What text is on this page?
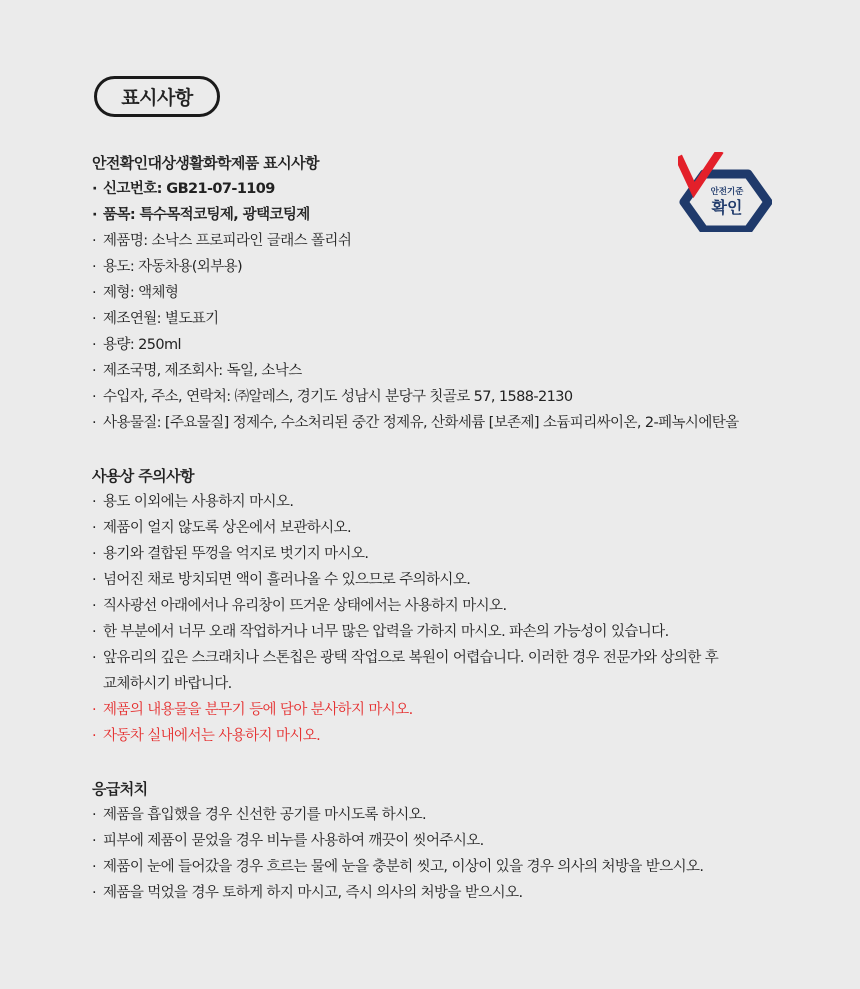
표시사항
안전기준
확인
안전확인대상생활화학제품 표시사항
· 신고번호: GB21-07-1109
· 품목: 특수목적코팅제, 광택코팅제
· 제품명: 소낙스 프로피라인 글래스 폴리쉬
· 용도: 자동차용(외부용)
· 제형: 액체형
· 제조연월: 별도표기
· 용량: 250ml
· 제조국명, 제조회사: 독일, 소낙스
· 수입자, 주소, 연락처: ㈜알레스, 경기도 성남시 분당구 칫골로 57, 1588-2130
· 사용물질: [주요물질] 정제수, 수소처리된 중간 정제유, 산화세륨 [보존제] 소듐피리싸이온, 2-페녹시에탄올
사용상 주의사항
· 용도 이외에는 사용하지 마시오.
· 제품이 얼지 않도록 상온에서 보관하시오.
· 용기와 결합된 뚜껑을 억지로 벗기지 마시오.
· 넘어진 채로 방치되면 액이 흘러나올 수 있으므로 주의하시오.
· 직사광선 아래에서나 유리창이 뜨거운 상태에서는 사용하지 마시오.
· 한 부분에서 너무 오래 작업하거나 너무 많은 압력을 가하지 마시오. 파손의 가능성이 있습니다.
· 앞유리의 깊은 스크래치나 스톤칩은 광택 작업으로 복원이 어렵습니다. 이러한 경우 전문가와 상의한 후
교체하시기 바랍니다.
· 제품의 내용물을 분무기 등에 담아 분사하지 마시오.
· 자동차 실내에서는 사용하지 마시오.
응급처치
· 제품을 흡입했을 경우 신선한 공기를 마시도록 하시오.
· 피부에 제품이 묻었을 경우 비누를 사용하여 깨끗이 씻어주시오.
· 제품이 눈에 들어갔을 경우 흐르는 물에 눈을 충분히 씻고, 이상이 있을 경우 의사의 처방을 받으시오.
· 제품을 먹었을 경우 토하게 하지 마시고, 즉시 의사의 처방을 받으시오.
